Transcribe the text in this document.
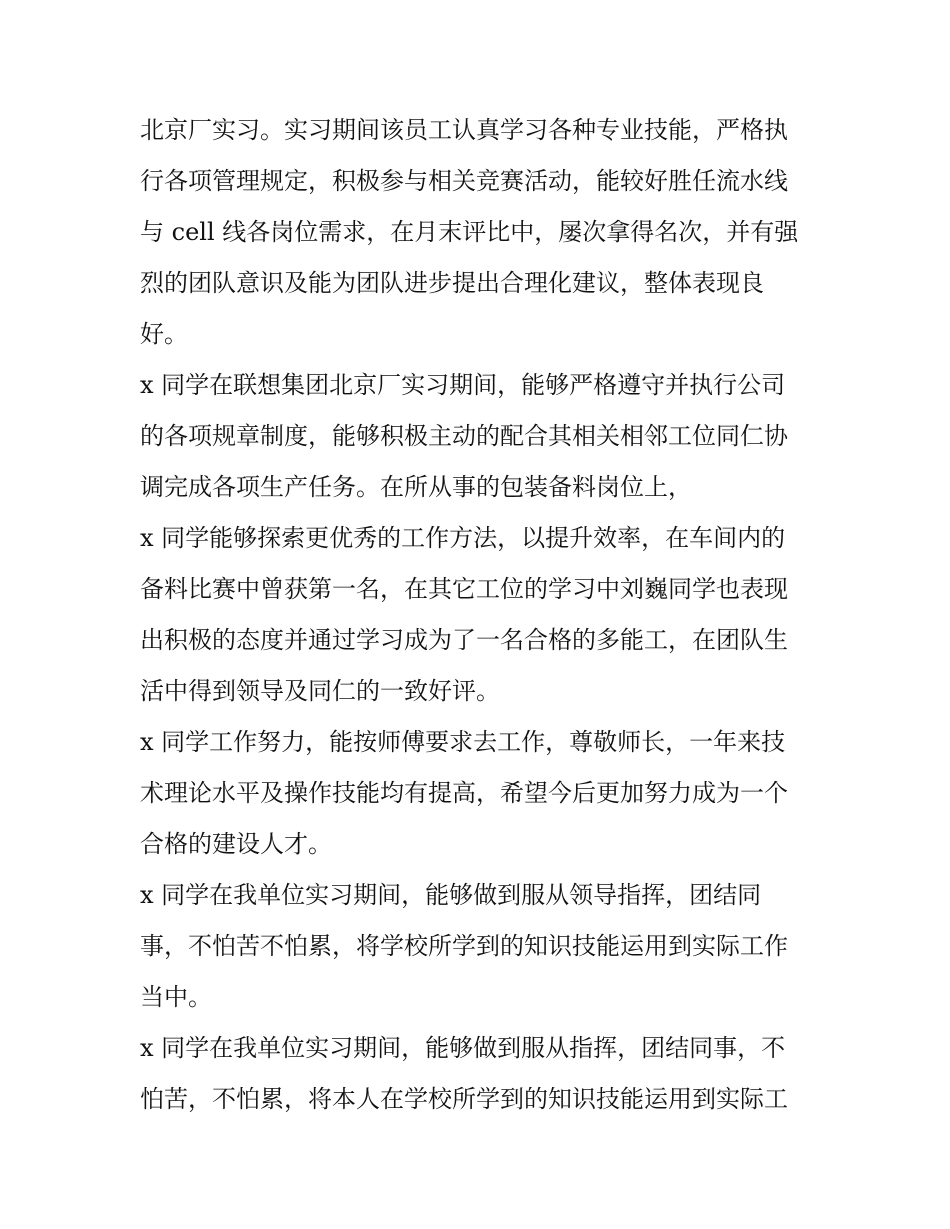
北京厂实习。实习期间该员工认真学习各种专业技能，严格执
行各项管理规定，积极参与相关竞赛活动，能较好胜任流水线
与 cell 线各岗位需求，在月末评比中，屡次拿得名次，并有强
烈的团队意识及能为团队进步提出合理化建议，整体表现良
好。
x 同学在联想集团北京厂实习期间，能够严格遵守并执行公司
的各项规章制度，能够积极主动的配合其相关相邻工位同仁协
调完成各项生产任务。在所从事的包装备料岗位上，
x 同学能够探索更优秀的工作方法，以提升效率，在车间内的
备料比赛中曾获第一名，在其它工位的学习中刘巍同学也表现
出积极的态度并通过学习成为了一名合格的多能工，在团队生
活中得到领导及同仁的一致好评。
x 同学工作努力，能按师傅要求去工作，尊敬师长，一年来技
术理论水平及操作技能均有提高，希望今后更加努力成为一个
合格的建设人才。
x 同学在我单位实习期间，能够做到服从领导指挥，团结同
事，不怕苦不怕累，将学校所学到的知识技能运用到实际工作
当中。
x 同学在我单位实习期间，能够做到服从指挥，团结同事，不
怕苦，不怕累，将本人在学校所学到的知识技能运用到实际工
